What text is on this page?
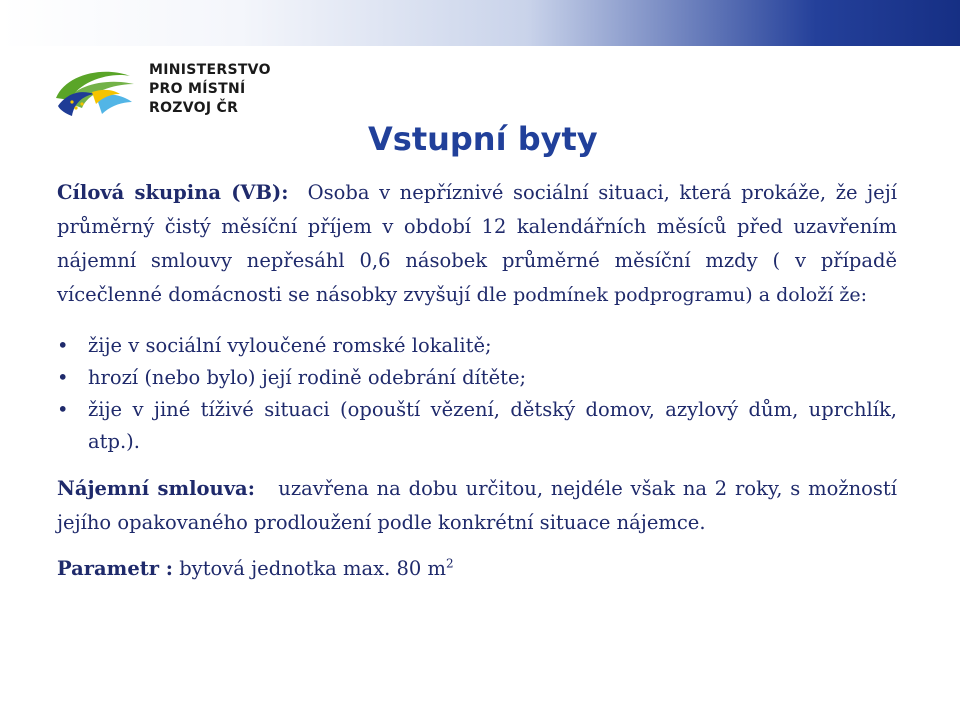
MINISTERSTVO
PRO MÍSTNÍ
ROZVOJ ČR
Vstupní byty
Cílová skupina (VB): Osoba v nepříznivé sociální situaci, která prokáže, že její průměrný čistý měsíční příjem v období 12 kalendářních měsíců před uzavřením nájemní smlouvy nepřesáhl 0,6 násobek průměrné měsíční mzdy ( v případě vícečlenné domácnosti se násobky zvyšují dle podmínek podprogramu) a doloží že:
• žije v sociální vyloučené romské lokalitě;
• hrozí (nebo bylo) její rodině odebrání dítěte;
• žije v jiné tíživé situaci (opouští vězení, dětský domov, azylový dům, uprchlík, atp.).
Nájemní smlouva: uzavřena na dobu určitou, nejdéle však na 2 roky, s možností jejího opakovaného prodloužení podle konkrétní situace nájemce.
Parametr : bytová jednotka max. 80 $m^2$
